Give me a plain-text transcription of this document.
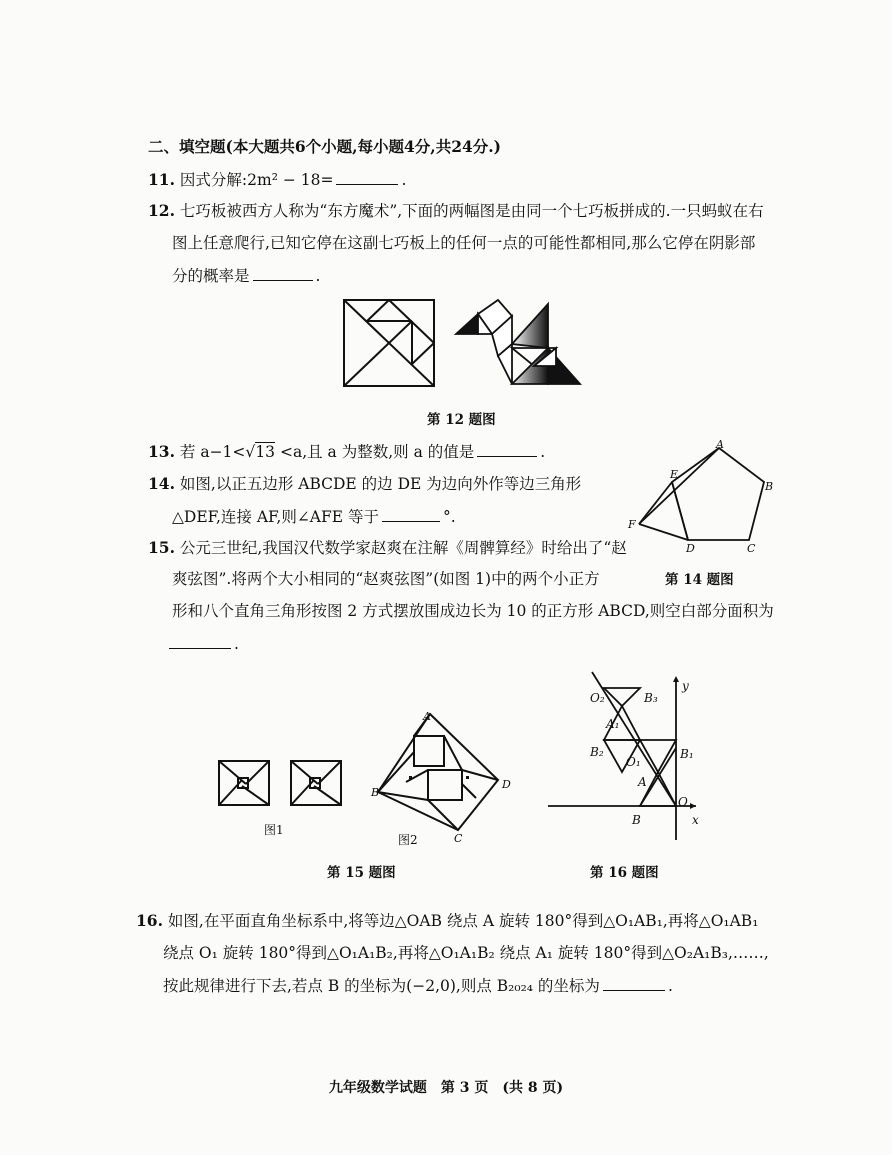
二、填空题(本大题共6个小题,每小题4分,共24分.)
11. 因式分解:2m² − 18=	.
12. 七巧板被西方人称为“东方魔术”,下面的两幅图是由同一个七巧板拼成的.一只蚂蚁在右
图上任意爬行,已知它停在这副七巧板上的任何一点的可能性都相同,那么它停在阴影部
分的概率是	.
第 12 题图
13. 若 a−1<√13 <a,且 a 为整数,则 a 的值是	.
14. 如图,以正五边形 ABCDE 的边 DE 为边向外作等边三角形
△DEF,连接 AF,则∠AFE 等于	°.
A
B
C
D
E
F
第 14 题图
15. 公元三世纪,我国汉代数学家赵爽在注解《周髀算经》时给出了“赵
爽弦图”.将两个大小相同的“赵爽弦图”(如图 1)中的两个小正方
形和八个直角三角形按图 2 方式摆放围成边长为 10 的正方形 ABCD,则空白部分面积为
.
图1
A
B
C
D
图2
第 15 题图
O₂	B₃
A₁
B₂
O₁
B₁
A
O
B	x
y
第 16 题图
16. 如图,在平面直角坐标系中,将等边△OAB 绕点 A 旋转 180°得到△O₁AB₁,再将△O₁AB₁
绕点 O₁ 旋转 180°得到△O₁A₁B₂,再将△O₁A₁B₂ 绕点 A₁ 旋转 180°得到△O₂A₁B₃,……,
按此规律进行下去,若点 B 的坐标为(−2,0),则点 B₂₀₂₄ 的坐标为	.
九年级数学试题　第 3 页　(共 8 页)
